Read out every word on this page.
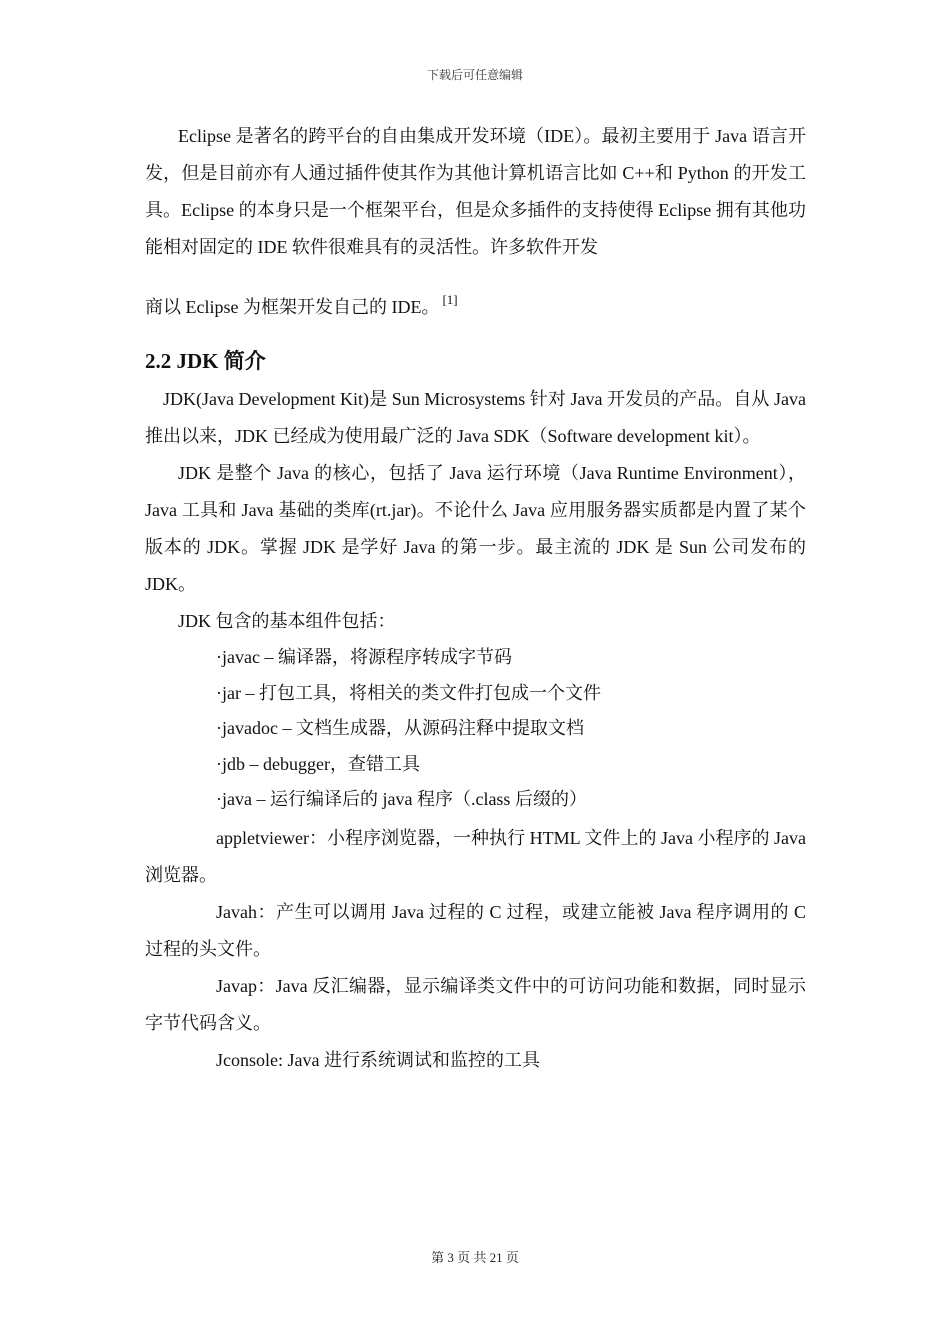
下载后可任意编辑

Eclipse 是著名的跨平台的自由集成开发环境（IDE）。最初主要用于 Java 语言开发，但是目前亦有人通过插件使其作为其他计算机语言比如 C++和 Python 的开发工具。Eclipse 的本身只是一个框架平台，但是众多插件的支持使得 Eclipse 拥有其他功能相对固定的 IDE 软件很难具有的灵活性。许多软件开发

商以 Eclipse 为框架开发自己的 IDE。 [1]

2.2 JDK 简介

JDK(Java Development Kit)是 Sun Microsystems 针对 Java 开发员的产品。自从 Java 推出以来，JDK 已经成为使用最广泛的 Java SDK（Software development kit）。

JDK 是整个 Java 的核心，包括了 Java 运行环境（Java Runtime Environment），Java 工具和 Java 基础的类库(rt.jar)。不论什么 Java 应用服务器实质都是内置了某个版本的 JDK。掌握 JDK 是学好 Java 的第一步。最主流的 JDK 是 Sun 公司发布的 JDK。

JDK 包含的基本组件包括：

·javac – 编译器，将源程序转成字节码

·jar – 打包工具，将相关的类文件打包成一个文件

·javadoc – 文档生成器，从源码注释中提取文档

·jdb – debugger，查错工具

·java – 运行编译后的 java 程序（.class 后缀的）

appletviewer：小程序浏览器，一种执行 HTML 文件上的 Java 小程序的 Java 浏览器。

Javah：产生可以调用 Java 过程的 C 过程，或建立能被 Java 程序调用的 C 过程的头文件。

Javap：Java 反汇编器，显示编译类文件中的可访问功能和数据，同时显示字节代码含义。

Jconsole: Java 进行系统调试和监控的工具

第 3 页 共 21 页
